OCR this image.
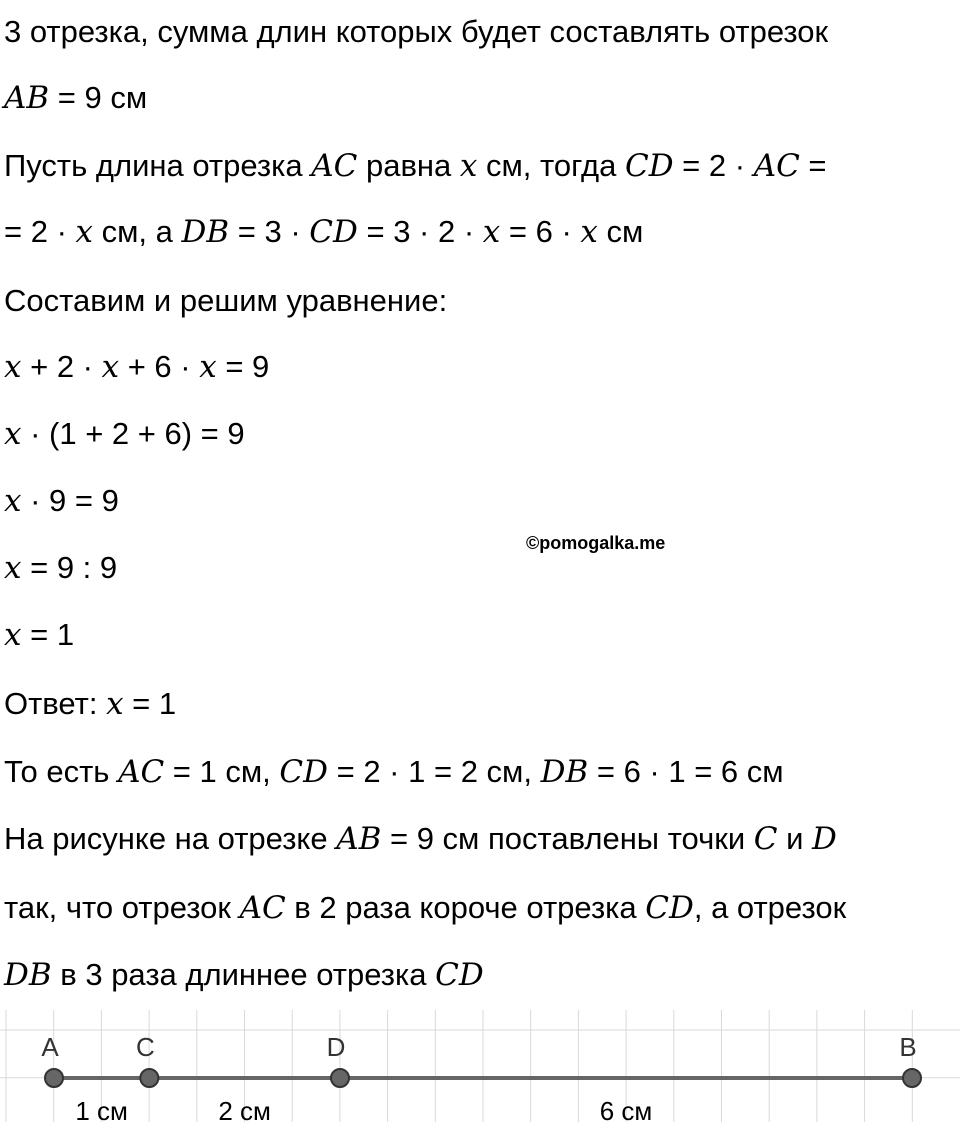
3 отрезка, сумма длин которых будет составлять отрезок
AB = 9 см
Пусть длина отрезка AC равна x см, тогда CD = 2 · AC =
= 2 · x см, а DB = 3 · CD = 3 · 2 · x = 6 · x см
Составим и решим уравнение:
x + 2 · x + 6 · x = 9
x · (1 + 2 + 6) = 9
x · 9 = 9
x = 9 : 9
x = 1
Ответ: x = 1
То есть AC = 1 см, CD = 2 · 1 = 2 см, DB = 6 · 1 = 6 см
На рисунке на отрезке AB = 9 см поставлены точки C и D
так, что отрезок AC в 2 раза короче отрезка CD, а отрезок
DB в 3 раза длиннее отрезка CD
©pomogalka.me
1 см	2 см	6 см
A	C	D	B
